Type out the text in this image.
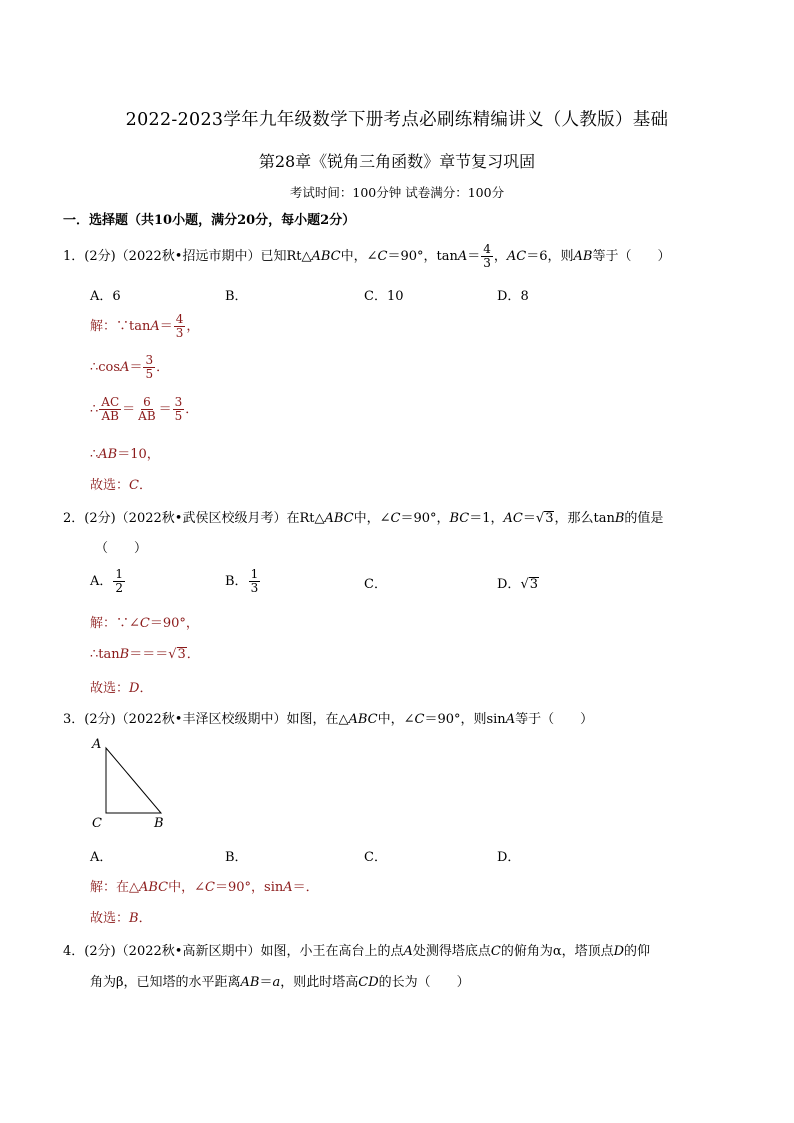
2022-2023学年九年级数学下册考点必刷练精编讲义（人教版）基础
第28章《锐角三角函数》章节复习巩固
考试时间：100分钟 试卷满分：100分
一．选择题（共10小题，满分20分，每小题2分）
1．(2分)（2022秋•招远市期中）已知Rt△ABC中，∠C＝90°，$\tan A= \frac{4}{3}$ ，AC＝6，则AB等于（　　）
A．6	B．	C．10	D．8
解：∵tanA＝ $\frac{4}{3}$ ，
∴cosA＝ $\frac{3}{5}$ ．
∴ $\frac{AC}{AB} = \frac{6}{AB} = \frac{3}{5}$ ．
∴AB＝10，
故选：C．
2．(2分)（2022秋•武侯区校级月考）在Rt△ABC中，∠C＝90°，BC＝1，AC＝√ 3 ，那么tanB的值是
（　　）
A． $\frac{1}{2}$	B． $\frac{1}{3}$	C．	D．√ 3
解：∵∠C＝90°，
∴tanB＝＝＝√ 3 ．
故选：D．
3．(2分)（2022秋•丰泽区校级期中）如图，在△ABC中，∠C＝90°，则sinA等于（　　）
A
C	B
A．	B．	C．	D．
解：在△ABC中，∠C＝90°，sinA＝．
故选：B．
4．(2分)（2022秋•高新区期中）如图，小王在高台上的点A处测得塔底点C的俯角为α，塔顶点D的仰
角为β，已知塔的水平距离AB＝a，则此时塔高CD的长为（　　）
